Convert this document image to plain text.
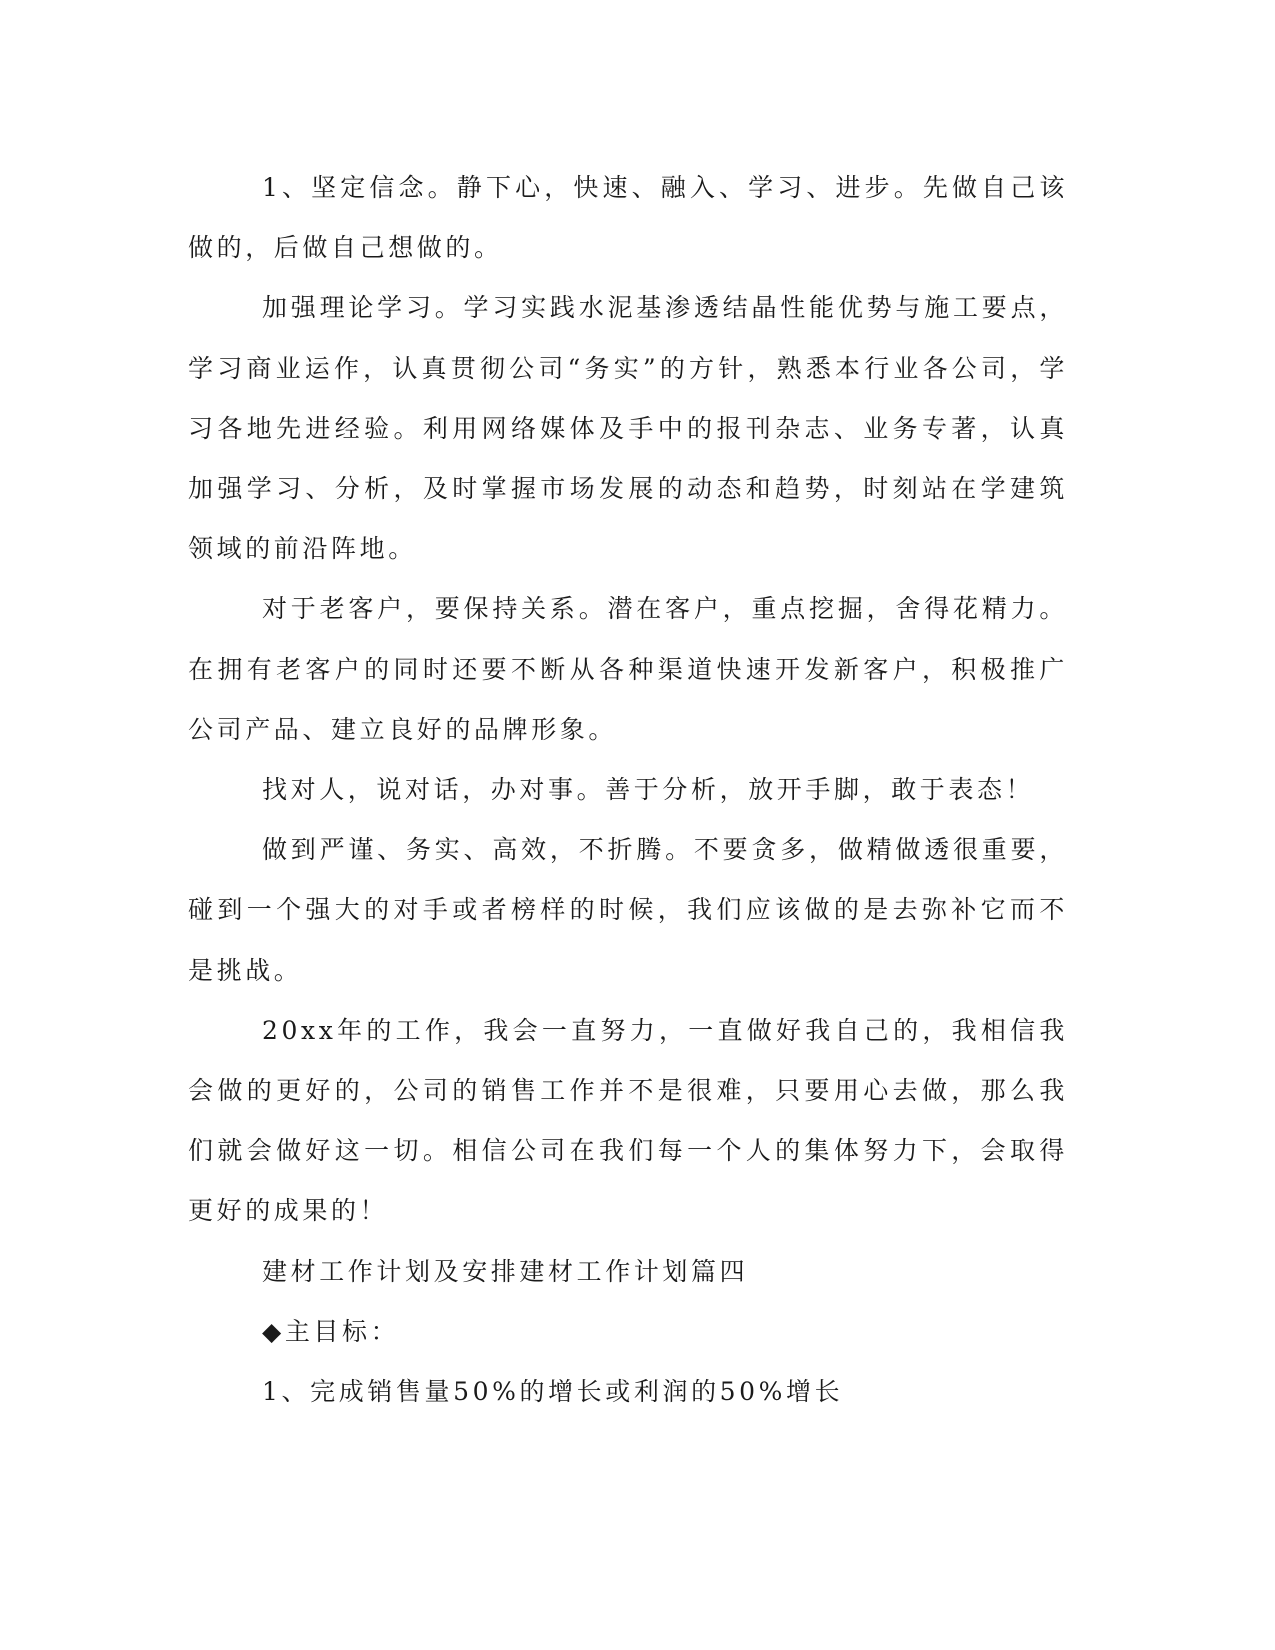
1、坚定信念。静下心，快速、融入、学习、进步。先做自己该做的，后做自己想做的。

加强理论学习。学习实践水泥基渗透结晶性能优势与施工要点，学习商业运作，认真贯彻公司“务实”的方针，熟悉本行业各公司，学习各地先进经验。利用网络媒体及手中的报刊杂志、业务专著，认真加强学习、分析，及时掌握市场发展的动态和趋势，时刻站在学建筑领域的前沿阵地。

对于老客户，要保持关系。潜在客户，重点挖掘，舍得花精力。在拥有老客户的同时还要不断从各种渠道快速开发新客户，积极推广公司产品、建立良好的品牌形象。

找对人，说对话，办对事。善于分析，放开手脚，敢于表态！

做到严谨、务实、高效，不折腾。不要贪多，做精做透很重要，碰到一个强大的对手或者榜样的时候，我们应该做的是去弥补它而不是挑战。

20xx年的工作，我会一直努力，一直做好我自己的，我相信我会做的更好的，公司的销售工作并不是很难，只要用心去做，那么我们就会做好这一切。相信公司在我们每一个人的集体努力下，会取得更好的成果的！

建材工作计划及安排建材工作计划篇四

◆主目标：

1、完成销售量50%的增长或利润的50%增长
